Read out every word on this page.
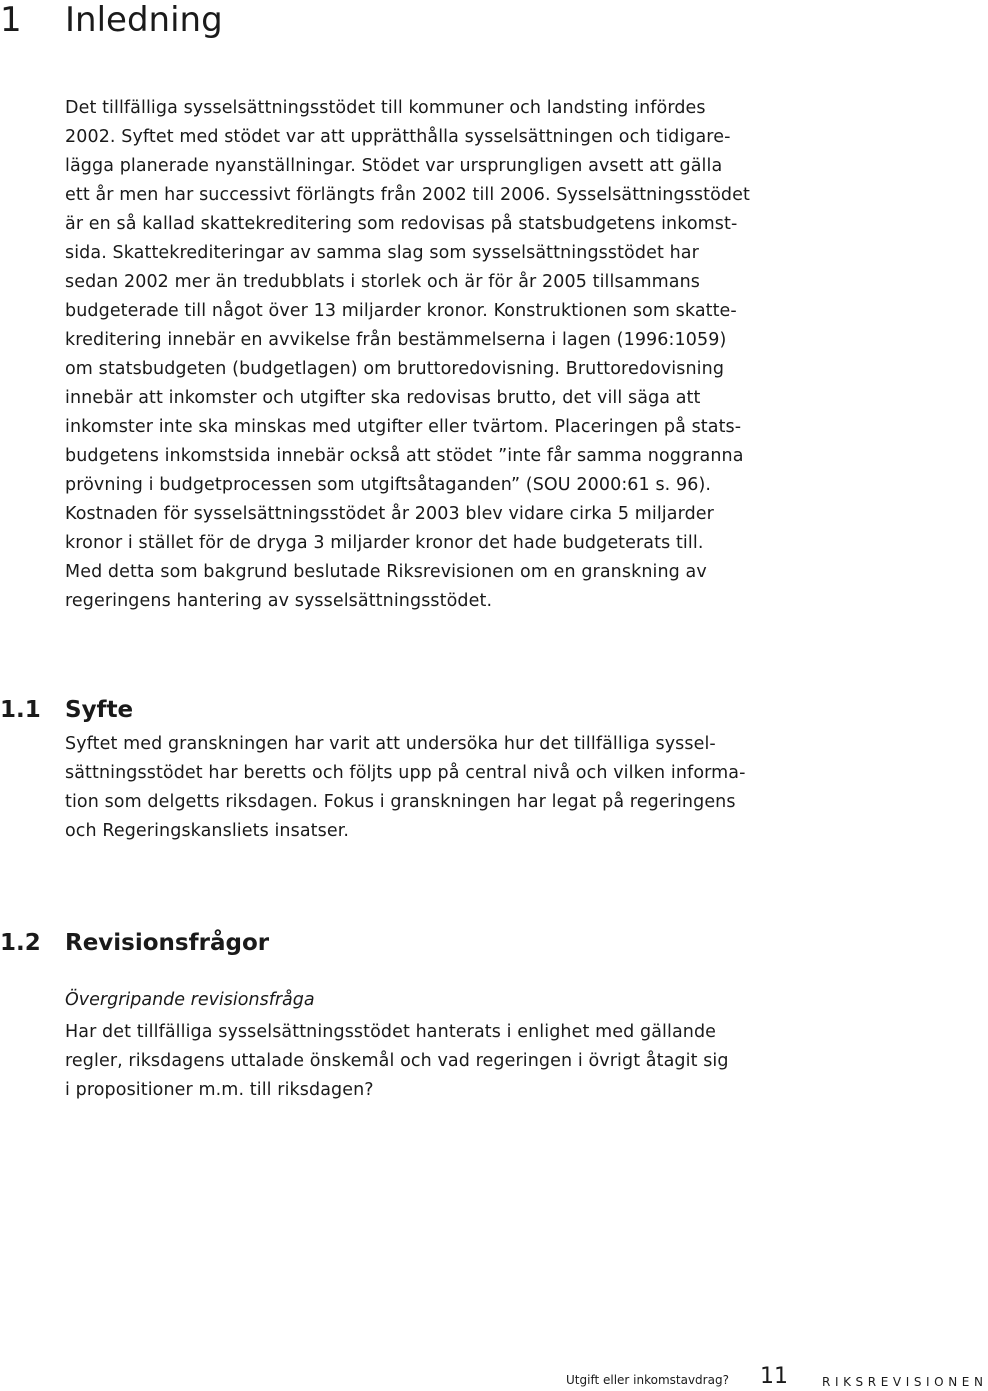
1 Inledning

Det tillfälliga sysselsättningsstödet till kommuner och landsting infördes
2002. Syftet med stödet var att upprätthålla sysselsättningen och tidigare-
lägga planerade nyanställningar. Stödet var ursprungligen avsett att gälla
ett år men har successivt förlängts från 2002 till 2006. Sysselsättningsstödet
är en så kallad skattekreditering som redovisas på statsbudgetens inkomst-
sida. Skattekrediteringar av samma slag som sysselsättningsstödet har
sedan 2002 mer än tredubblats i storlek och är för år 2005 tillsammans
budgeterade till något över 13 miljarder kronor. Konstruktionen som skatte-
kreditering innebär en avvikelse från bestämmelserna i lagen (1996:1059)
om statsbudgeten (budgetlagen) om bruttoredovisning. Bruttoredovisning
innebär att inkomster och utgifter ska redovisas brutto, det vill säga att
inkomster inte ska minskas med utgifter eller tvärtom. Placeringen på stats-
budgetens inkomstsida innebär också att stödet ”inte får samma noggranna
prövning i budgetprocessen som utgiftsåtaganden” (SOU 2000:61 s. 96).
Kostnaden för sysselsättningsstödet år 2003 blev vidare cirka 5 miljarder
kronor i stället för de dryga 3 miljarder kronor det hade budgeterats till.
Med detta som bakgrund beslutade Riksrevisionen om en granskning av
regeringens hantering av sysselsättningsstödet.

1.1 Syfte

Syftet med granskningen har varit att undersöka hur det tillfälliga syssel-
sättningsstödet har beretts och följts upp på central nivå och vilken informa-
tion som delgetts riksdagen. Fokus i granskningen har legat på regeringens
och Regeringskansliets insatser.

1.2 Revisionsfrågor

Övergripande revisionsfråga

Har det tillfälliga sysselsättningsstödet hanterats i enlighet med gällande
regler, riksdagens uttalade önskemål och vad regeringen i övrigt åtagit sig
i propositioner m.m. till riksdagen?

Utgift eller inkomstavdrag? 11	RIKSREVISIONEN
